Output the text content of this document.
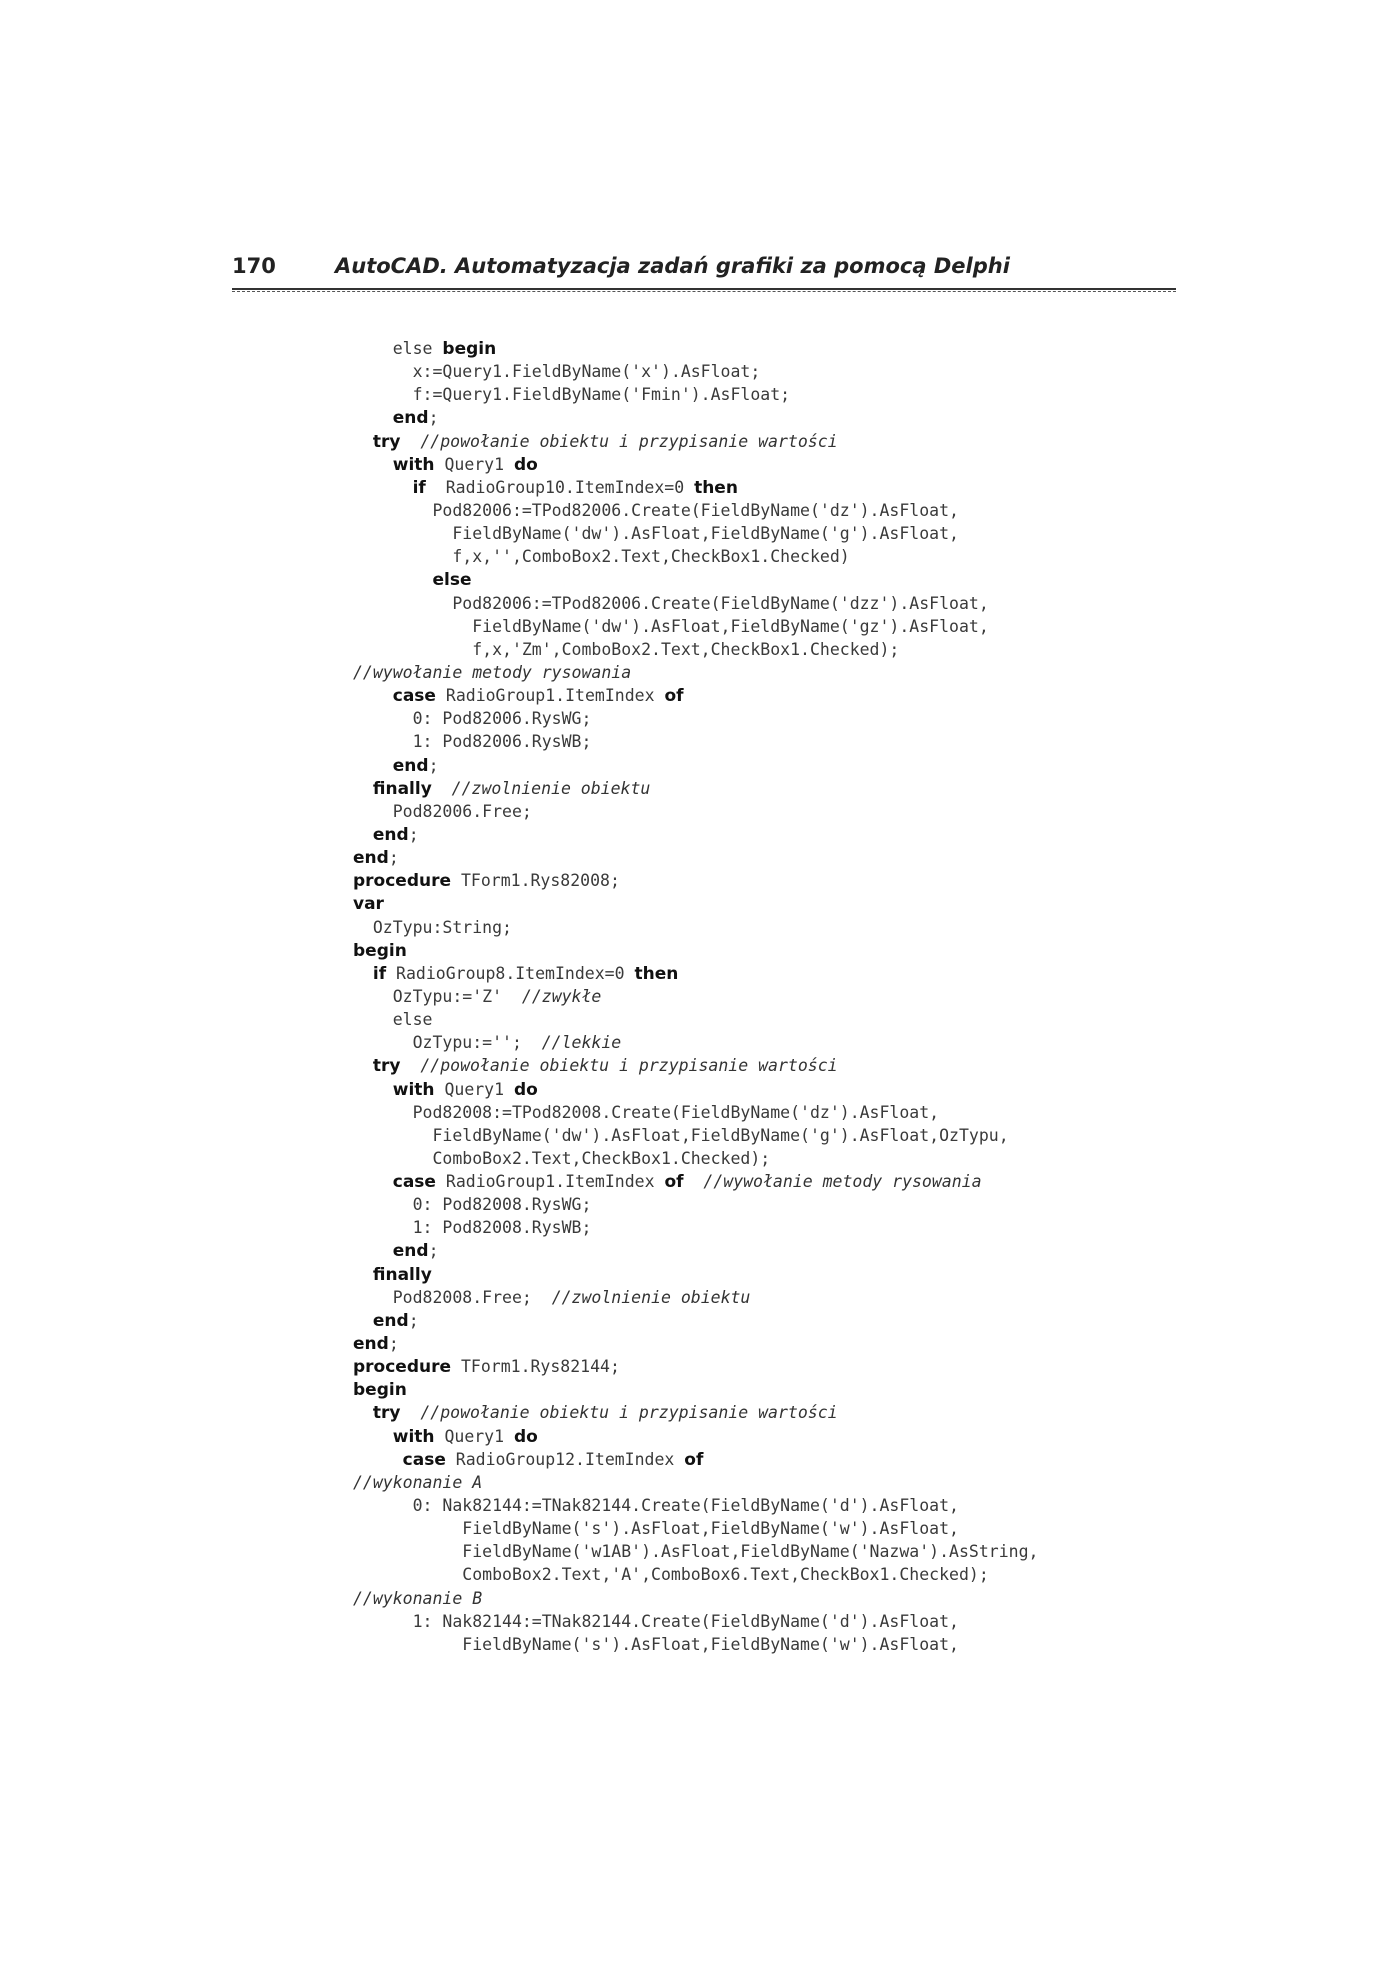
170	AutoCAD. Automatyzacja zadań grafiki za pomocą Delphi
else begin
x:=Query1.FieldByName('x').AsFloat;
f:=Query1.FieldByName('Fmin').AsFloat;
end;
try //powołanie obiektu i przypisanie wartości
with Query1 do
if  RadioGroup10.ItemIndex=0 then
Pod82006:=TPod82006.Create(FieldByName('dz').AsFloat,
FieldByName('dw').AsFloat,FieldByName('g').AsFloat,
f,x,'',ComboBox2.Text,CheckBox1.Checked)
else
Pod82006:=TPod82006.Create(FieldByName('dzz').AsFloat,
FieldByName('dw').AsFloat,FieldByName('gz').AsFloat,
f,x,'Zm',ComboBox2.Text,CheckBox1.Checked);
//wywołanie metody rysowania
case RadioGroup1.ItemIndex of
0: Pod82006.RysWG;
1: Pod82006.RysWB;
end;
finally //zwolnienie obiektu
Pod82006.Free;
end;
end;
procedure TForm1.Rys82008;
var
OzTypu:String;
begin
if RadioGroup8.ItemIndex=0 then
OzTypu:='Z'  //zwykłe
else
OzTypu:='';  //lekkie
try //powołanie obiektu i przypisanie wartości
with Query1 do
Pod82008:=TPod82008.Create(FieldByName('dz').AsFloat,
FieldByName('dw').AsFloat,FieldByName('g').AsFloat,OzTypu,
ComboBox2.Text,CheckBox1.Checked);
case RadioGroup1.ItemIndex of //wywołanie metody rysowania
0: Pod82008.RysWG;
1: Pod82008.RysWB;
end;
finally
Pod82008.Free;  //zwolnienie obiektu
end;
end;
procedure TForm1.Rys82144;
begin
try //powołanie obiektu i przypisanie wartości
with Query1 do
case RadioGroup12.ItemIndex of
//wykonanie A
0: Nak82144:=TNak82144.Create(FieldByName('d').AsFloat,
FieldByName('s').AsFloat,FieldByName('w').AsFloat,
FieldByName('w1AB').AsFloat,FieldByName('Nazwa').AsString,
ComboBox2.Text,'A',ComboBox6.Text,CheckBox1.Checked);
//wykonanie B
1: Nak82144:=TNak82144.Create(FieldByName('d').AsFloat,
FieldByName('s').AsFloat,FieldByName('w').AsFloat,
